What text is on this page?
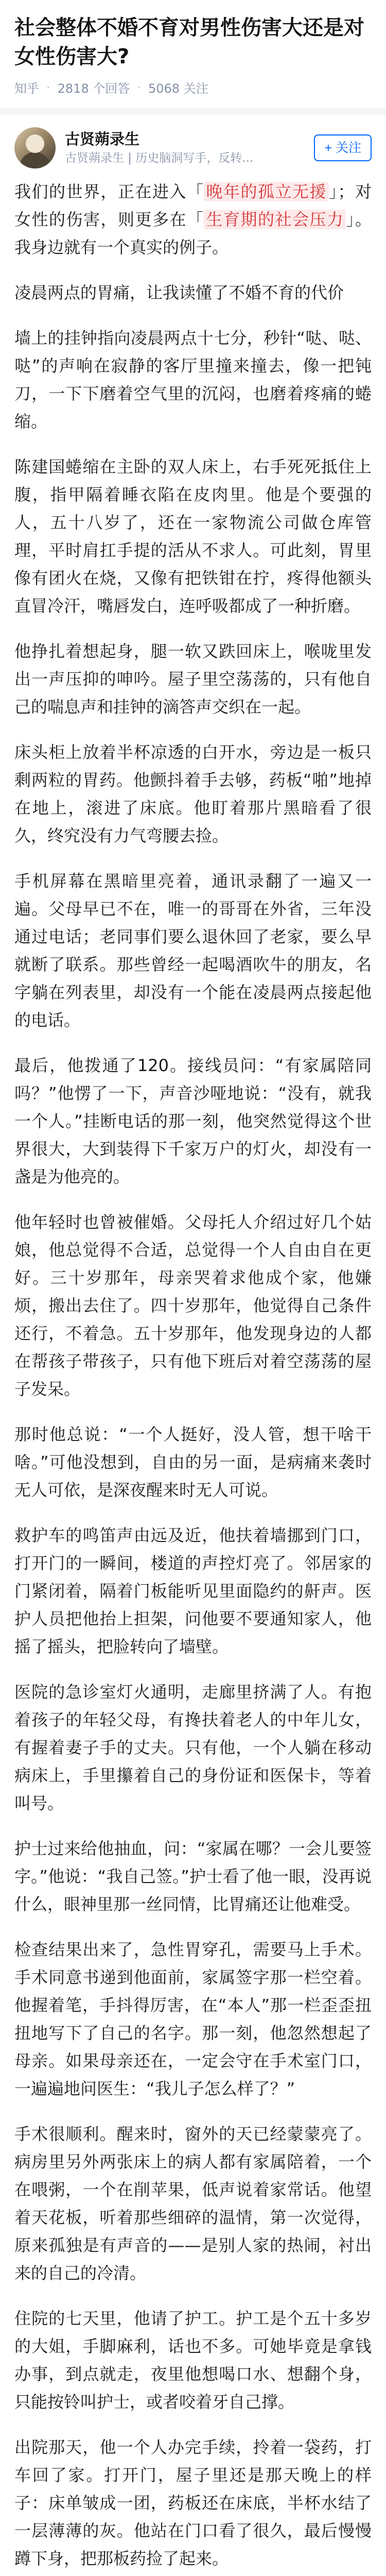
社会整体不婚不育对男性伤害大还是对女性伤害大?
知乎 · 2818 个回答 · 5068 关注
古贤蒴录生
古贤蒴录生 | 历史脑洞写手，反转...
+ 关注

我们的世界，正在进入「 晚年的孤立无援 」；对女性的伤害，则更多在「 生育期的社会压力 」。我身边就有一个真实的例子。

凌晨两点的胃痛，让我读懂了不婚不育的代价

墙上的挂钟指向凌晨两点十七分，秒针“哒、哒、哒”的声响在寂静的客厅里撞来撞去，像一把钝刀，一下下磨着空气里的沉闷，也磨着疼痛的蜷缩。

陈建国蜷缩在主卧的双人床上，右手死死抵住上腹，指甲隔着睡衣陷在皮肉里。他是个要强的人，五十八岁了，还在一家物流公司做仓库管理，平时肩扛手提的活从不求人。可此刻，胃里像有团火在烧，又像有把铁钳在拧，疼得他额头直冒冷汗，嘴唇发白，连呼吸都成了一种折磨。

他挣扎着想起身，腿一软又跌回床上，喉咙里发出一声压抑的呻吟。屋子里空荡荡的，只有他自己的喘息声和挂钟的滴答声交织在一起。

床头柜上放着半杯凉透的白开水，旁边是一板只剩两粒的胃药。他颤抖着手去够，药板“啪”地掉在地上，滚进了床底。他盯着那片黑暗看了很久，终究没有力气弯腰去捡。

手机屏幕在黑暗里亮着，通讯录翻了一遍又一遍。父母早已不在，唯一的哥哥在外省，三年没通过电话；老同事们要么退休回了老家，要么早就断了联系。那些曾经一起喝酒吹牛的朋友，名字躺在列表里，却没有一个能在凌晨两点接起他的电话。

最后，他拨通了120。接线员问：“有家属陪同吗？”他愣了一下，声音沙哑地说：“没有，就我一个人。”挂断电话的那一刻，他突然觉得这个世界很大，大到装得下千家万户的灯火，却没有一盏是为他亮的。

他年轻时也曾被催婚。父母托人介绍过好几个姑娘，他总觉得不合适，总觉得一个人自由自在更好。三十岁那年，母亲哭着求他成个家，他嫌烦，搬出去住了。四十岁那年，他觉得自己条件还行，不着急。五十岁那年，他发现身边的人都在帮孩子带孩子，只有他下班后对着空荡荡的屋子发呆。

那时他总说：“一个人挺好，没人管，想干啥干啥。”可他没想到，自由的另一面，是病痛来袭时无人可依，是深夜醒来时无人可说。

救护车的鸣笛声由远及近，他扶着墙挪到门口，打开门的一瞬间，楼道的声控灯亮了。邻居家的门紧闭着，隔着门板能听见里面隐约的鼾声。医护人员把他抬上担架，问他要不要通知家人，他摇了摇头，把脸转向了墙壁。

医院的急诊室灯火通明，走廊里挤满了人。有抱着孩子的年轻父母，有搀扶着老人的中年儿女，有握着妻子手的丈夫。只有他，一个人躺在移动病床上，手里攥着自己的身份证和医保卡，等着叫号。

护士过来给他抽血，问：“家属在哪？一会儿要签字。”他说：“我自己签。”护士看了他一眼，没再说什么，眼神里那一丝同情，比胃痛还让他难受。

检查结果出来了，急性胃穿孔，需要马上手术。手术同意书递到他面前，家属签字那一栏空着。他握着笔，手抖得厉害，在“本人”那一栏歪歪扭扭地写下了自己的名字。那一刻，他忽然想起了母亲。如果母亲还在，一定会守在手术室门口，一遍遍地问医生：“我儿子怎么样了？”

手术很顺利。醒来时，窗外的天已经蒙蒙亮了。病房里另外两张床上的病人都有家属陪着，一个在喂粥，一个在削苹果，低声说着家常话。他望着天花板，听着那些细碎的温情，第一次觉得，原来孤独是有声音的——是别人家的热闹，衬出来的自己的冷清。

住院的七天里，他请了护工。护工是个五十多岁的大姐，手脚麻利，话也不多。可她毕竟是拿钱办事，到点就走，夜里他想喝口水、想翻个身，只能按铃叫护士，或者咬着牙自己撑。

出院那天，他一个人办完手续，拎着一袋药，打车回了家。打开门，屋子里还是那天晚上的样子：床单皱成一团，药板还在床底，半杯水结了一层薄薄的灰。他站在门口看了很久，最后慢慢蹲下身，把那板药捡了起来。
